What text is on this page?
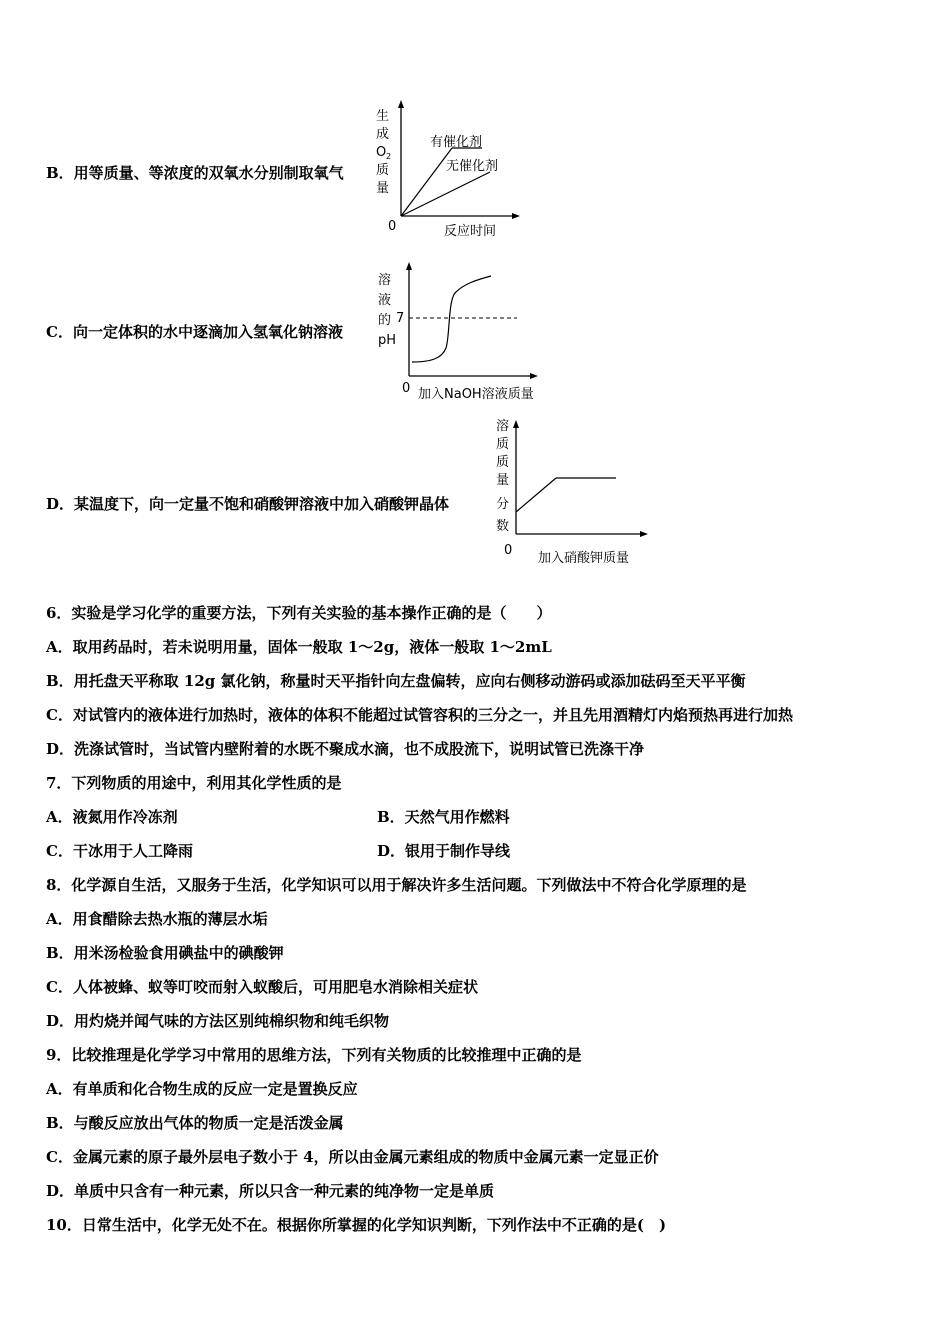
B．用等质量、等浓度的双氧水分别制取氧气
生
成
O 2
质
量
0	反应时间
有催化剂
无催化剂
C．向一定体积的水中逐滴加入氢氧化钠溶液
溶
液
的
pH
7
0 加入NaOH溶液质量
D．某温度下，向一定量不饱和硝酸钾溶液中加入硝酸钾晶体
溶
质
质
量
分
数
0
加入硝酸钾质量
6．实验是学习化学的重要方法，下列有关实验的基本操作正确的是（　　）
A．取用药品时，若未说明用量，固体一般取 1～2g，液体一般取 1～2mL
B．用托盘天平称取 12g 氯化钠，称量时天平指针向左盘偏转，应向右侧移动游码或添加砝码至天平平衡
C．对试管内的液体进行加热时，液体的体积不能超过试管容积的三分之一，并且先用酒精灯内焰预热再进行加热
D．洗涤试管时，当试管内壁附着的水既不聚成水滴，也不成股流下，说明试管已洗涤干净
7．下列物质的用途中，利用其化学性质的是
A．液氮用作冷冻剂	B．天然气用作燃料
C．干冰用于人工降雨	D．银用于制作导线
8．化学源自生活，又服务于生活，化学知识可以用于解决许多生活问题。下列做法中不符合化学原理的是
A．用食醋除去热水瓶的薄层水垢
B．用米汤检验食用碘盐中的碘酸钾
C．人体被蜂、蚁等叮咬而射入蚁酸后，可用肥皂水消除相关症状
D．用灼烧并闻气味的方法区别纯棉织物和纯毛织物
9．比较推理是化学学习中常用的思维方法，下列有关物质的比较推理中正确的是
A．有单质和化合物生成的反应一定是置换反应
B．与酸反应放出气体的物质一定是活泼金属
C．金属元素的原子最外层电子数小于 4，所以由金属元素组成的物质中金属元素一定显正价
D．单质中只含有一种元素，所以只含一种元素的纯净物一定是单质
10．日常生活中，化学无处不在。根据你所掌握的化学知识判断，下列作法中不正确的是(　)
